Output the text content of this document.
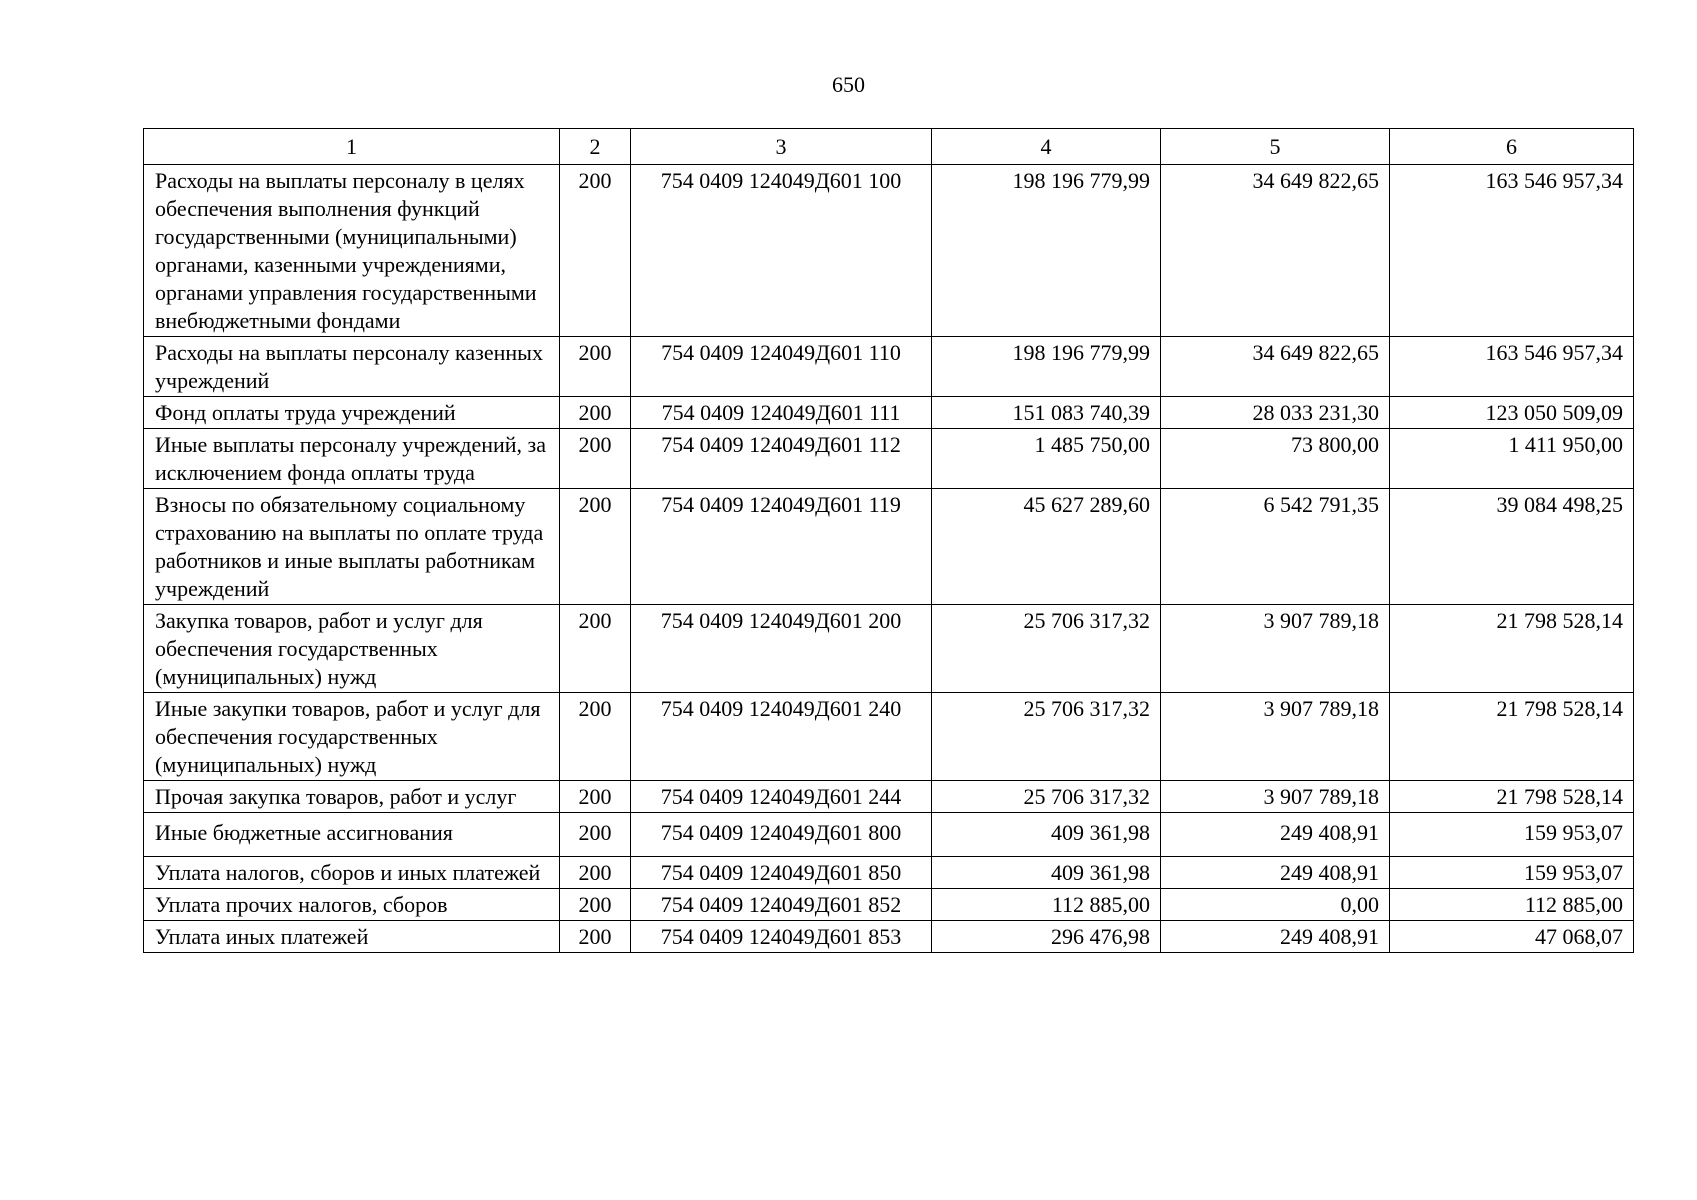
650
1	2	3	4	5	6
Расходы на выплаты персоналу в целях обеспечения выполнения функций государственными (муниципальными) органами, казенными учреждениями, органами управления государственными внебюджетными фондами	200	754 0409 124049Д601 100	198 196 779,99	34 649 822,65	163 546 957,34
Расходы на выплаты персоналу казенных учреждений	200	754 0409 124049Д601 110	198 196 779,99	34 649 822,65	163 546 957,34
Фонд оплаты труда учреждений	200	754 0409 124049Д601 111	151 083 740,39	28 033 231,30	123 050 509,09
Иные выплаты персоналу учреждений, за исключением фонда оплаты труда	200	754 0409 124049Д601 112	1 485 750,00	73 800,00	1 411 950,00
Взносы по обязательному социальному страхованию на выплаты по оплате труда работников и иные выплаты работникам учреждений	200	754 0409 124049Д601 119	45 627 289,60	6 542 791,35	39 084 498,25
Закупка товаров, работ и услуг для обеспечения государственных (муниципальных) нужд	200	754 0409 124049Д601 200	25 706 317,32	3 907 789,18	21 798 528,14
Иные закупки товаров, работ и услуг для обеспечения государственных (муниципальных) нужд	200	754 0409 124049Д601 240	25 706 317,32	3 907 789,18	21 798 528,14
Прочая закупка товаров, работ и услуг	200	754 0409 124049Д601 244	25 706 317,32	3 907 789,18	21 798 528,14
Иные бюджетные ассигнования	200	754 0409 124049Д601 800	409 361,98	249 408,91	159 953,07
Уплата налогов, сборов и иных платежей	200	754 0409 124049Д601 850	409 361,98	249 408,91	159 953,07
Уплата прочих налогов, сборов	200	754 0409 124049Д601 852	112 885,00	0,00	112 885,00
Уплата иных платежей	200	754 0409 124049Д601 853	296 476,98	249 408,91	47 068,07
